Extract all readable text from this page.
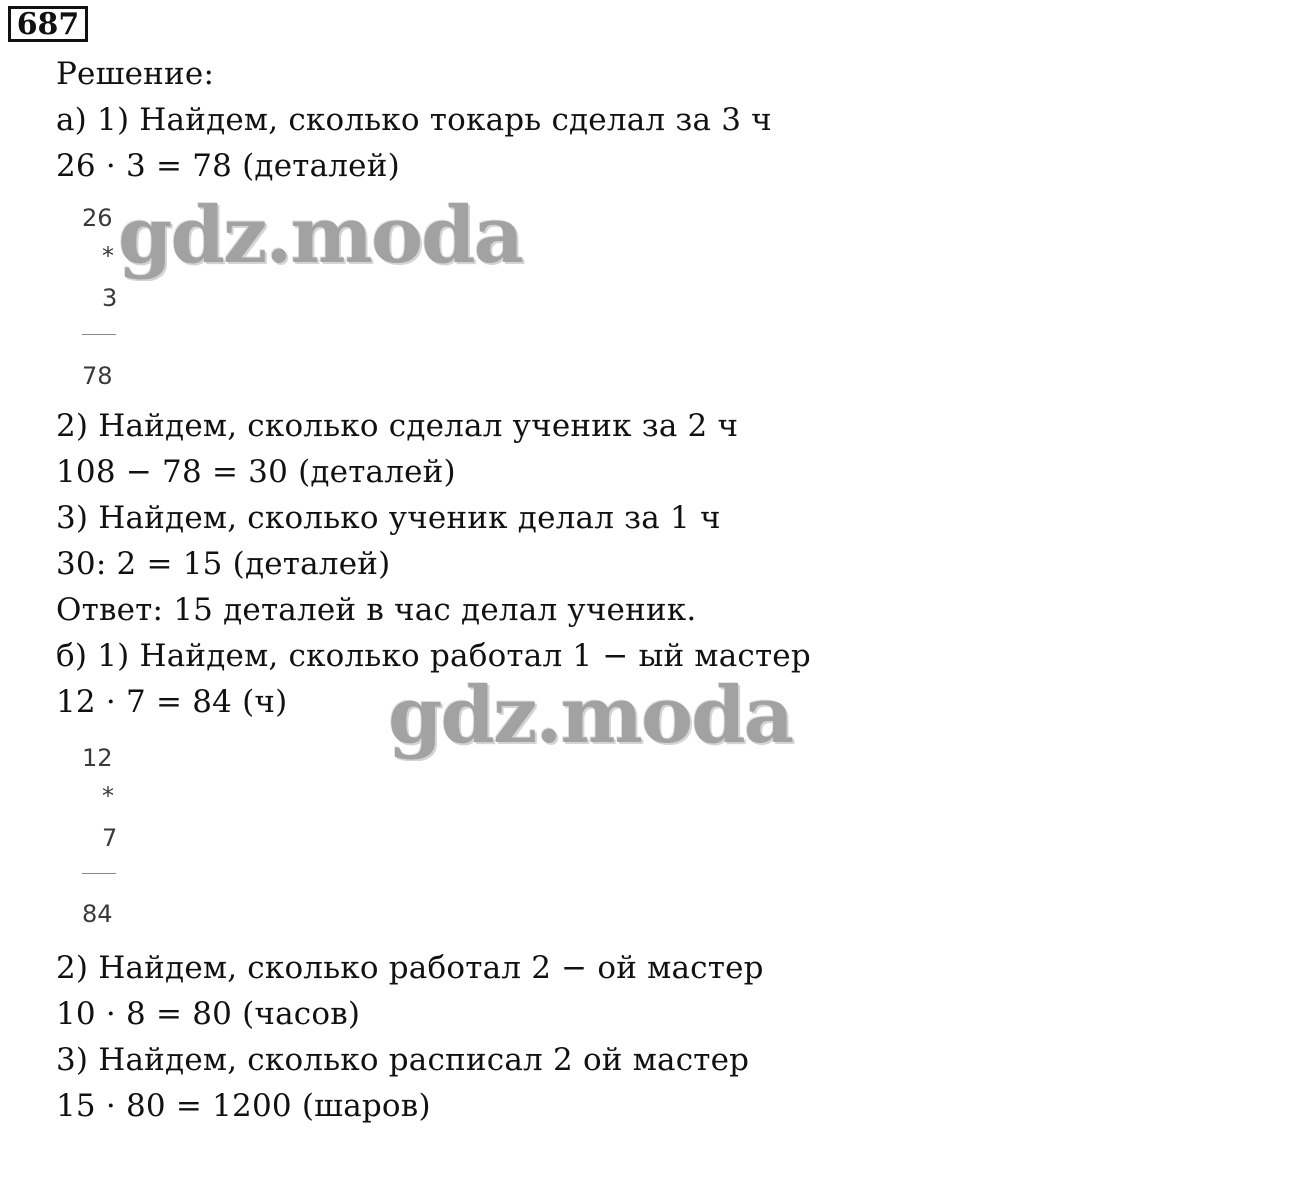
687
Решение:
а) 1) Найдем, сколько токарь сделал за 3 ч
26 · 3 = 78 (деталей)
26
*
3
78
2) Найдем, сколько сделал ученик за 2 ч
108 − 78 = 30 (деталей)
3) Найдем, сколько ученик делал за 1 ч
30: 2 = 15 (деталей)
Ответ: 15 деталей в час делал ученик.
б) 1) Найдем, сколько работал 1 − ый мастер
12 · 7 = 84 (ч)
12
*
7
84
2) Найдем, сколько работал 2 − ой мастер
10 · 8 = 80 (часов)
3) Найдем, сколько расписал 2 ой мастер
15 · 80 = 1200 (шаров)
gdz.moda
gdz.moda
